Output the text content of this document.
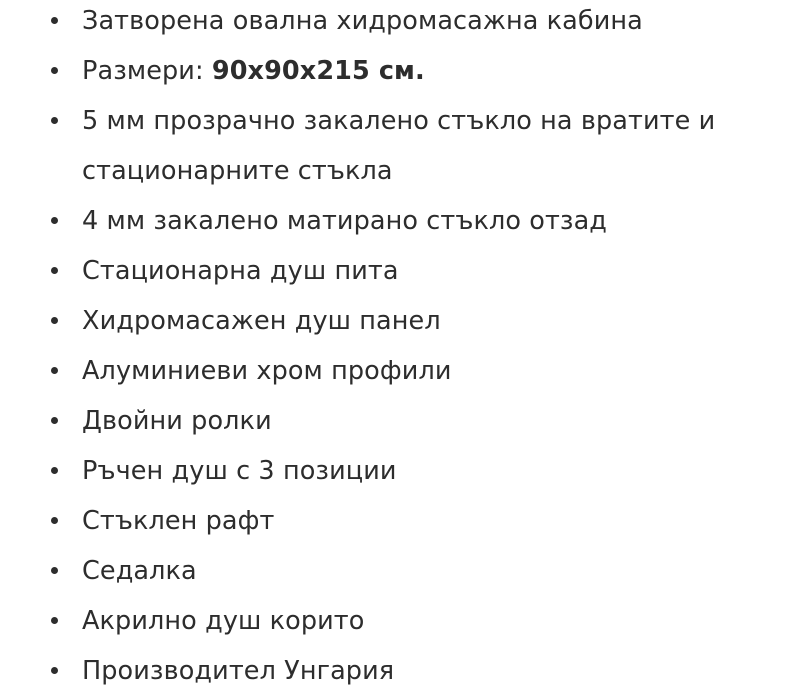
Затворена овална хидромасажна кабина
Размери: 90x90x215 см.
5 мм прозрачно закалено стъкло на вратите и стационарните стъкла
4 мм закалено матирано стъкло отзад
Стационарна душ пита
Хидромасажен душ панел
Алуминиеви хром профили
Двойни ролки
Ръчен душ с 3 позиции
Стъклен рафт
Седалка
Акрилно душ корито
Производител Унгария
